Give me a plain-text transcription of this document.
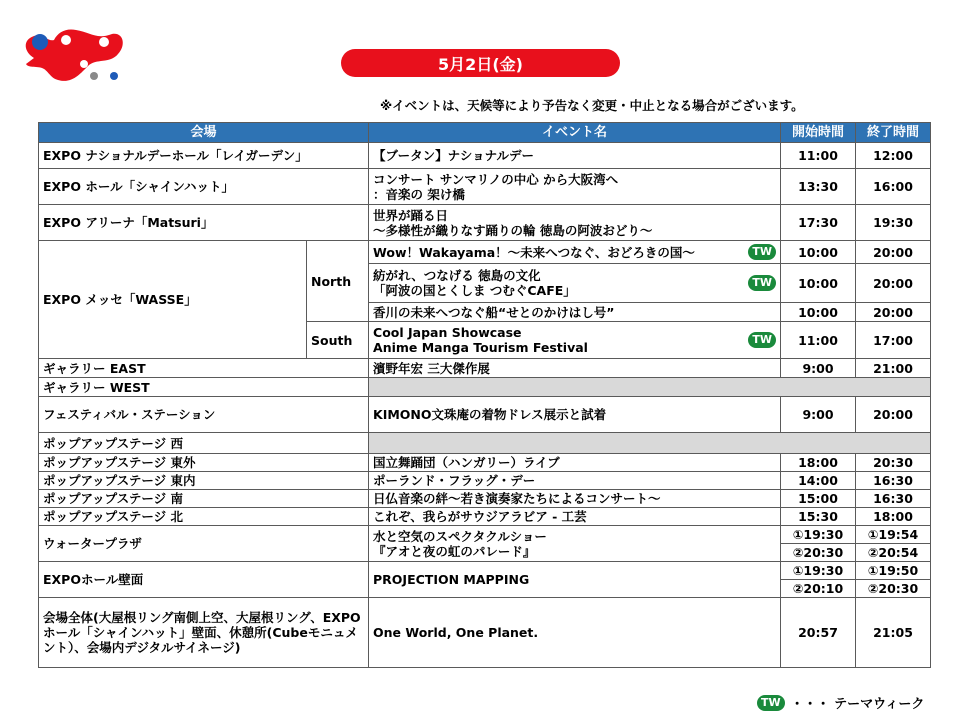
5月2日(金)
※イベントは、天候等により予告なく変更・中止となる場合がございます。
会場		イベント名	開始時間	終了時間
EXPO ナショナルデーホール「レイガーデン」		【ブータン】ナショナルデー	11:00	12:00
EXPO ホール「シャインハット」		コンサート サンマリノの中心 から大阪湾へ
：音楽の 架け橋	13:30	16:00
EXPO アリーナ「Matsuri」		世界が踊る日
～多様性が織りなす踊りの輪 徳島の阿波おどり～	17:30	19:30
EXPO メッセ「WASSE」	North	Wow！Wakayama！～未来へつなぐ、おどろきの国～ TW	10:00	20:00

		紡がれ、つなげる 徳島の文化
「阿波の国とくしま つむぐCAFE」
TW	10:00	20:00
		香川の未来へつなぐ船“せとのかけはし号”	10:00	20:00
	South	Cool Japan Showcase
Anime Manga Tourism Festival
TW	11:00	17:00
ギャラリー EAST		濱野年宏 三大傑作展	9:00	21:00
ギャラリー WEST				
フェスティバル・ステーション		KIMONO文珠庵の着物ドレス展示と試着	9:00	20:00
ポップアップステージ 西				
ポップアップステージ 東外		国立舞踊団（ハンガリー）ライブ	18:00	20:30
ポップアップステージ 東内		ポーランド・フラッグ・デー	14:00	16:30
ポップアップステージ 南		日仏音楽の絆～若き演奏家たちによるコンサート～	15:00	16:30
ポップアップステージ 北		これぞ、我らがサウジアラビア - 工芸	15:30	18:00
ウォータープラザ		水と空気のスペクタクルショー
『アオと夜の虹のパレード』	①19:30	①19:54
			②20:30	②20:54
EXPOホール壁面		PROJECTION MAPPING	①19:30	①19:50
			②20:10	②20:30
会場全体(大屋根リング南側上空、大屋根リング、EXPO ホール「シャインハット」壁面、休憩所(Cubeモニュメント）、会場内デジタルサイネージ)		One World, One Planet.	20:57	21:05
TW ・・・ テーマウィーク
